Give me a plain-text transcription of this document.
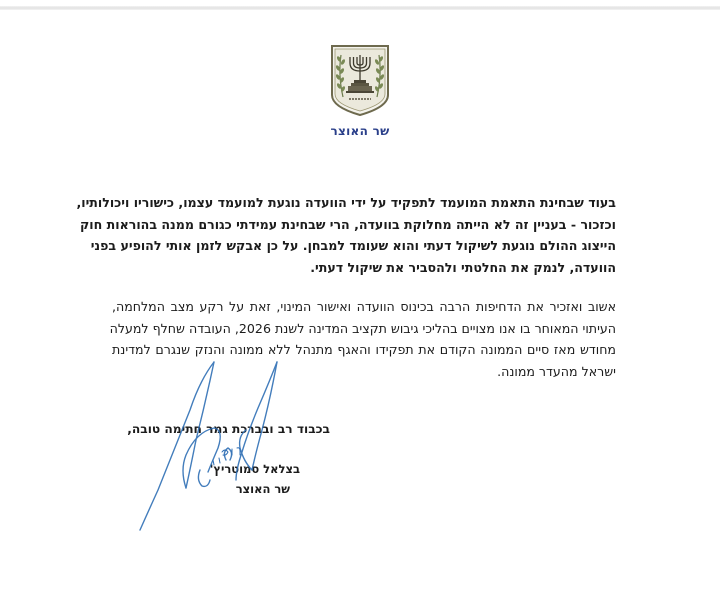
שר האוצר
בעוד שבחינת התאמת המועמד לתפקיד על ידי הוועדה נוגעת למועמד עצמו, כישוריו ויכולותיו,
וכזכור - בעניין זה לא הייתה מחלוקת בוועדה, הרי שבחינת עמידתי כגורם ממנה בהוראות חוק
הייצוג ההולם נוגעת לשיקול דעתי והוא שעומד למבחן. על כן אבקש לזמן אותי להופיע בפני
הוועדה, לנמק את החלטתי ולהסביר את שיקול דעתי.
אשוב ואזכיר את הדחיפות הרבה בכינוס הוועדה ואישור המינוי, זאת על רקע מצב המלחמה,
העיתוי המאוחר בו אנו מצויים בהליכי גיבוש תקציב המדינה לשנת 2026, העובדה שחלף למעלה
מחודש מאז סיים הממונה הקודם את תפקידו והאגף מתנהל ללא ממונה והנזק שנגרם למדינת
ישראל מהעדר ממונה.
בכבוד רב ובברכת גמר חתימה טובה,
בצלאל סמוטריץ'
שר האוצר
